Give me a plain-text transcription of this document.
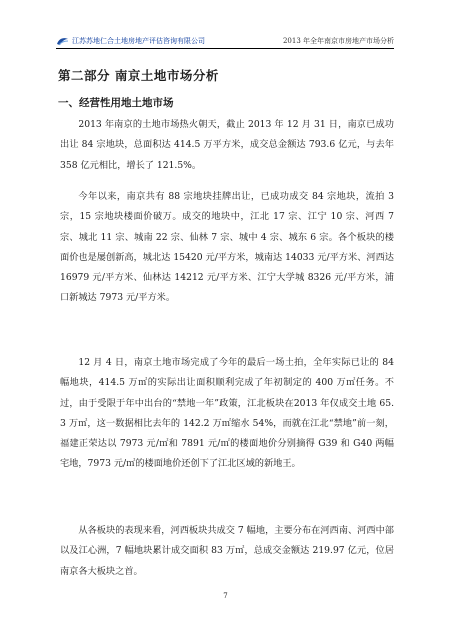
江苏苏地仁合土地房地产评估咨询有限公司	2013 年全年南京市房地产市场分析
第二部分 南京土地市场分析
一、经营性用地土地市场

2013 年南京的土地市场热火朝天，截止 2013 年 12 月 31 日，南京已成功出让 84 宗地块，总面积达 414.5 万平方米，成交总金额达 793.6 亿元，与去年 358 亿元相比，增长了 121.5%。

今年以来，南京共有 88 宗地块挂牌出让，已成功成交 84 宗地块，流拍 3 宗，15 宗地块楼面价破万。成交的地块中，江北 17 宗、江宁 10 宗、河西 7 宗、城北 11 宗、城南 22 宗、仙林 7 宗、城中 4 宗、城东 6 宗。各个板块的楼面价也是屡创新高，城北达 15420 元/平方米，城南达 14033 元/平方米、河西达 16979 元/平方米、仙林达 14212 元/平方米、江宁大学城 8326 元/平方米，浦口新城达 7973 元/平方米。

12 月 4 日，南京土地市场完成了今年的最后一场土拍，全年实际已让的 84 幅地块，414.5 万㎡的实际出让面积顺利完成了年初制定的 400 万㎡任务。不过，由于受限于年中出台的“禁地一年”政策，江北板块在2013 年仅成交土地 65.3 万㎡，这一数据相比去年的 142.2 万㎡缩水 54%，而就在江北“禁地”前一刻，福建正荣达以 7973 元/㎡和 7891 元/㎡的楼面地价分别摘得 G39 和 G40 两幅宅地，7973 元/㎡的楼面地价还创下了江北区域的新地王。

从各板块的表现来看，河西板块共成交 7 幅地，主要分布在河西南、河西中部以及江心洲，7 幅地块累计成交面积 83 万㎡，总成交金额达 219.97 亿元，位居南京各大板块之首。

7
